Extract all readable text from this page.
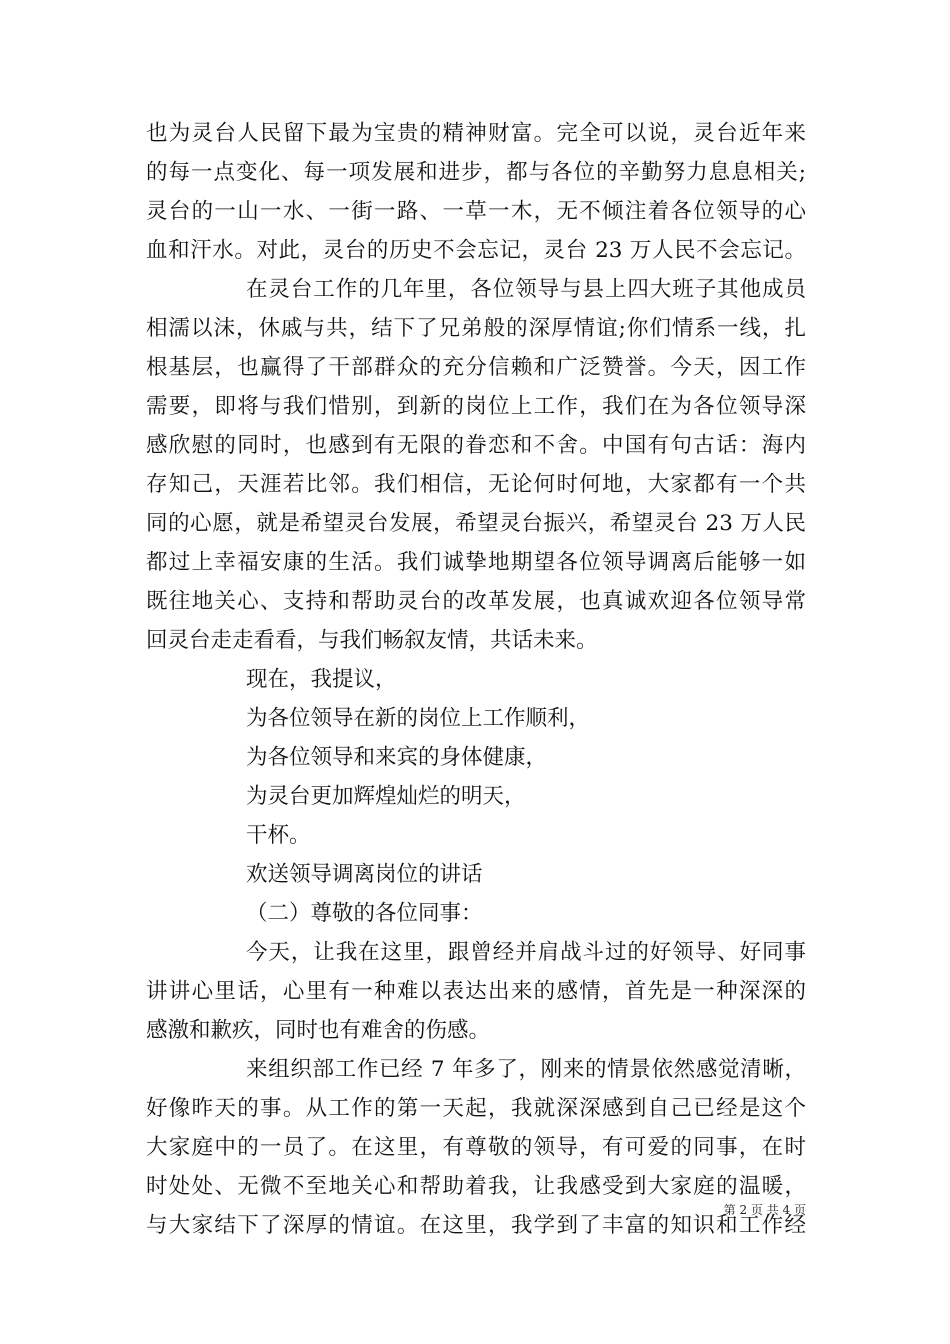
也为灵台人民留下最为宝贵的精神财富。完全可以说，灵台近年来
的每一点变化、每一项发展和进步，都与各位的辛勤努力息息相关;
灵台的一山一水、一街一路、一草一木，无不倾注着各位领导的心
血和汗水。对此，灵台的历史不会忘记，灵台 23 万人民不会忘记。
在灵台工作的几年里，各位领导与县上四大班子其他成员
相濡以沫，休戚与共，结下了兄弟般的深厚情谊;你们情系一线，扎
根基层，也赢得了干部群众的充分信赖和广泛赞誉。今天，因工作
需要，即将与我们惜别，到新的岗位上工作，我们在为各位领导深
感欣慰的同时，也感到有无限的眷恋和不舍。中国有句古话：海内
存知己，天涯若比邻。我们相信，无论何时何地，大家都有一个共
同的心愿，就是希望灵台发展，希望灵台振兴，希望灵台 23 万人民
都过上幸福安康的生活。我们诚挚地期望各位领导调离后能够一如
既往地关心、支持和帮助灵台的改革发展，也真诚欢迎各位领导常
回灵台走走看看，与我们畅叙友情，共话未来。
现在，我提议，
为各位领导在新的岗位上工作顺利，
为各位领导和来宾的身体健康，
为灵台更加辉煌灿烂的明天，
干杯。
欢送领导调离岗位的讲话
（二）尊敬的各位同事：
今天，让我在这里，跟曾经并肩战斗过的好领导、好同事
讲讲心里话，心里有一种难以表达出来的感情，首先是一种深深的
感激和歉疚，同时也有难舍的伤感。
来组织部工作已经 7 年多了，刚来的情景依然感觉清晰，
好像昨天的事。从工作的第一天起，我就深深感到自己已经是这个
大家庭中的一员了。在这里，有尊敬的领导，有可爱的同事，在时
时处处、无微不至地关心和帮助着我，让我感受到大家庭的温暖，
与大家结下了深厚的情谊。在这里，我学到了丰富的知识和工作经
第 2 页 共 4 页
